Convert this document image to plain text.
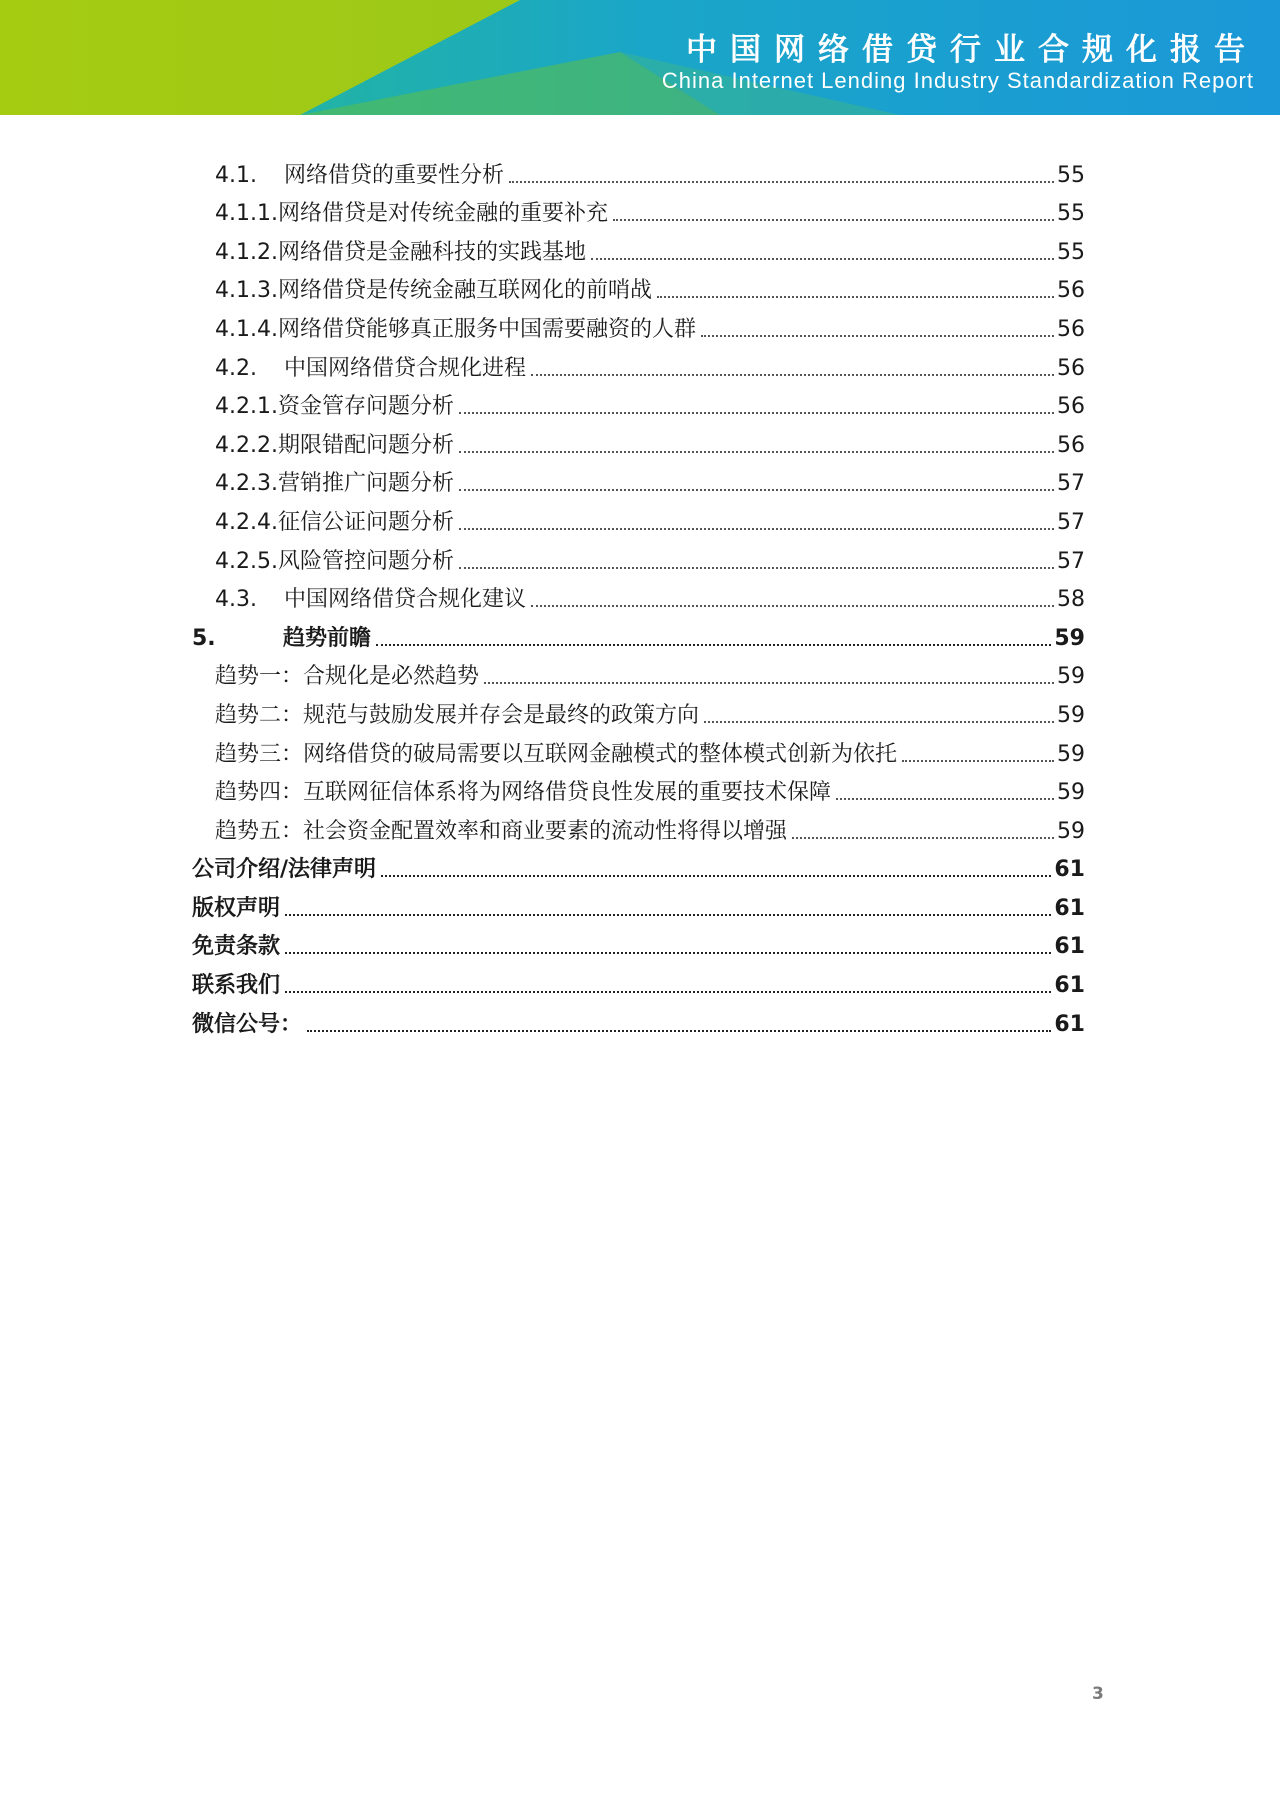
中国网络借贷行业合规化报告
China Internet Lending Industry Standardization Report
4.1.	网络借贷的重要性分析	55
4.1.1. 网络借贷是对传统金融的重要补充	55
4.1.2. 网络借贷是金融科技的实践基地	55
4.1.3. 网络借贷是传统金融互联网化的前哨战	56
4.1.4. 网络借贷能够真正服务中国需要融资的人群	56
4.2.	中国网络借贷合规化进程	56
4.2.1. 资金管存问题分析	56
4.2.2. 期限错配问题分析	56
4.2.3. 营销推广问题分析	57
4.2.4. 征信公证问题分析	57
4.2.5. 风险管控问题分析	57
4.3.	中国网络借贷合规化建议	58
5.	趋势前瞻	59
趋势一：合规化是必然趋势	59
趋势二：规范与鼓励发展并存会是最终的政策方向	59
趋势三：网络借贷的破局需要以互联网金融模式的整体模式创新为依托	59
趋势四：互联网征信体系将为网络借贷良性发展的重要技术保障	59
趋势五：社会资金配置效率和商业要素的流动性将得以增强	59
公司介绍/法律声明	61
版权声明	61
免责条款	61
联系我们	61
微信公号：	61
3
